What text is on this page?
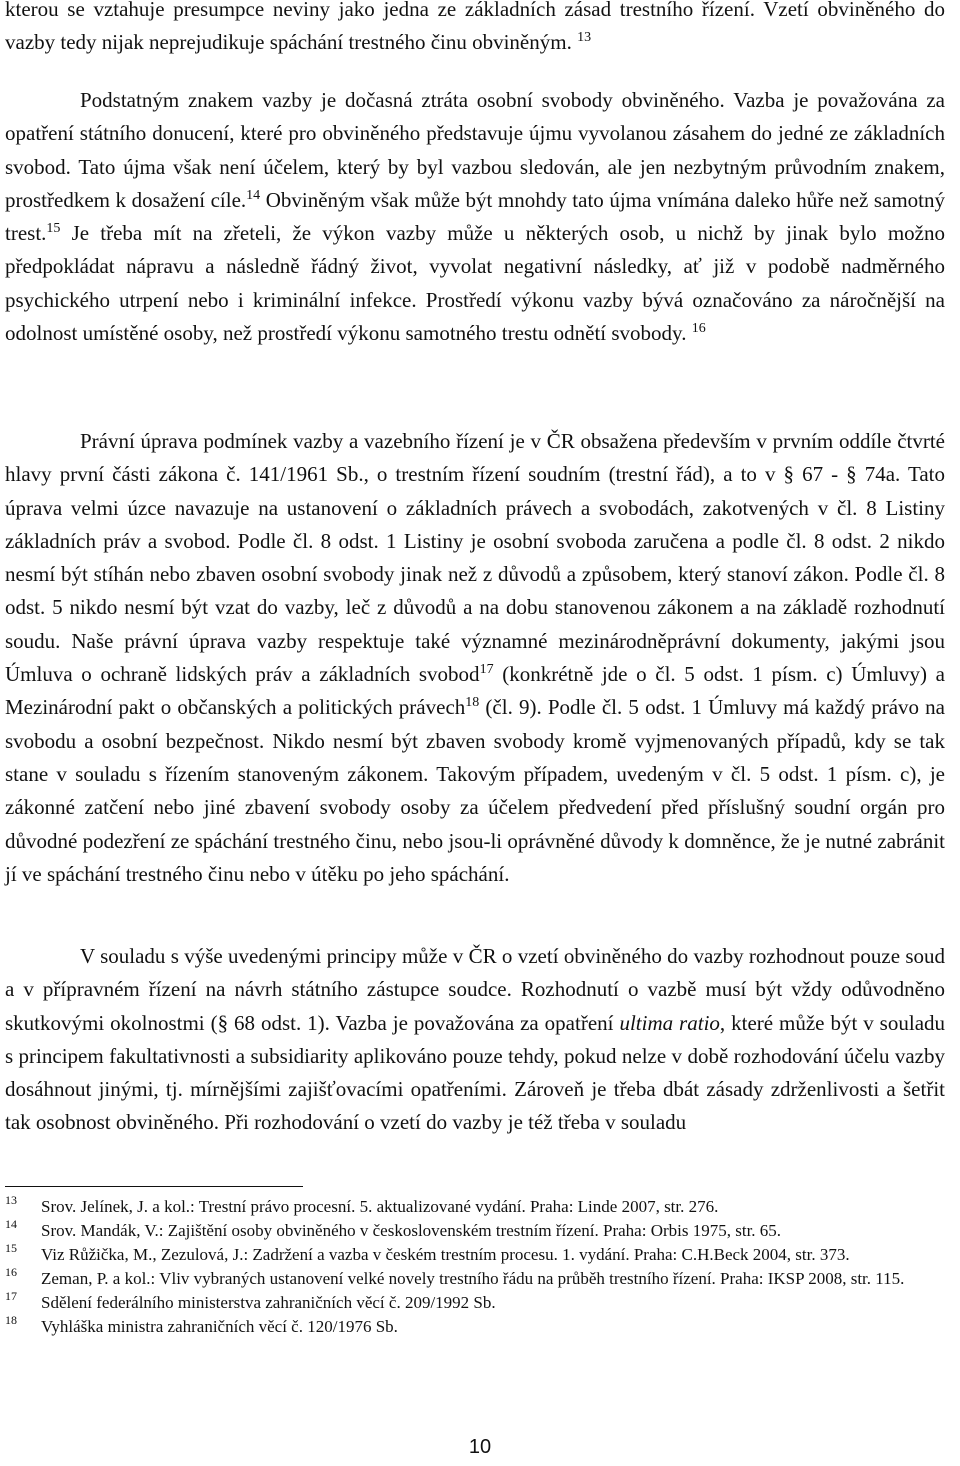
kterou se vztahuje presumpce neviny jako jedna ze základních zásad trestního řízení. Vzetí obviněného do vazby tedy nijak neprejudikuje spáchání trestného činu obviněným. $^{13}$

Podstatným znakem vazby je dočasná ztráta osobní svobody obviněného. Vazba je považována za opatření státního donucení, které pro obviněného představuje újmu vyvolanou zásahem do jedné ze základních svobod. Tato újma však není účelem, který by byl vazbou sledován, ale jen nezbytným průvodním znakem, prostředkem k dosažení cíle.$^{14}$ Obviněným však může být mnohdy tato újma vnímána daleko hůře než samotný trest.$^{15}$ Je třeba mít na zřeteli, že výkon vazby může u některých osob, u nichž by jinak bylo možno předpokládat nápravu a následně řádný život, vyvolat negativní následky, ať již v podobě nadměrného psychického utrpení nebo i kriminální infekce. Prostředí výkonu vazby bývá označováno za náročnější na odolnost umístěné osoby, než prostředí výkonu samotného trestu odnětí svobody. $^{16}$

Právní úprava podmínek vazby a vazebního řízení je v ČR obsažena především v prvním oddíle čtvrté hlavy první části zákona č. 141/1961 Sb., o trestním řízení soudním (trestní řád), a to v § 67 - § 74a. Tato úprava velmi úzce navazuje na ustanovení o základních právech a svobodách, zakotvených v čl. 8 Listiny základních práv a svobod. Podle čl. 8 odst. 1 Listiny je osobní svoboda zaručena a podle čl. 8 odst. 2 nikdo nesmí být stíhán nebo zbaven osobní svobody jinak než z důvodů a způsobem, který stanoví zákon. Podle čl. 8 odst. 5 nikdo nesmí být vzat do vazby, leč z důvodů a na dobu stanovenou zákonem a na základě rozhodnutí soudu. Naše právní úprava vazby respektuje také významné mezinárodněprávní dokumenty, jakými jsou Úmluva o ochraně lidských práv a základních svobod$^{17}$ (konkrétně jde o čl. 5 odst. 1 písm. c) Úmluvy) a Mezinárodní pakt o občanských a politických právech$^{18}$ (čl. 9). Podle čl. 5 odst. 1 Úmluvy má každý právo na svobodu a osobní bezpečnost. Nikdo nesmí být zbaven svobody kromě vyjmenovaných případů, kdy se tak stane v souladu s řízením stanoveným zákonem. Takovým případem, uvedeným v čl. 5 odst. 1 písm. c), je zákonné zatčení nebo jiné zbavení svobody osoby za účelem předvedení před příslušný soudní orgán pro důvodné podezření ze spáchání trestného činu, nebo jsou-li oprávněné důvody k domněnce, že je nutné zabránit jí ve spáchání trestného činu nebo v útěku po jeho spáchání.

V souladu s výše uvedenými principy může v ČR o vzetí obviněného do vazby rozhodnout pouze soud a v přípravném řízení na návrh státního zástupce soudce. Rozhodnutí o vazbě musí být vždy odůvodněno skutkovými okolnostmi (§ 68 odst. 1). Vazba je považována za opatření ultima ratio, které může být v souladu s principem fakultativnosti a subsidiarity aplikováno pouze tehdy, pokud nelze v době rozhodování účelu vazby dosáhnout jinými, tj. mírnějšími zajišťovacími opatřeními. Zároveň je třeba dbát zásady zdrženlivosti a šetřit tak osobnost obviněného. Při rozhodování o vzetí do vazby je též třeba v souladu

13 Srov. Jelínek, J. a kol.: Trestní právo procesní. 5. aktualizované vydání. Praha: Linde 2007, str. 276.
14 Srov. Mandák, V.: Zajištění osoby obviněného v československém trestním řízení. Praha: Orbis 1975, str. 65.
15 Viz Růžička, M., Zezulová, J.: Zadržení a vazba v českém trestním procesu. 1. vydání. Praha: C.H.Beck 2004, str. 373.
16 Zeman, P. a kol.: Vliv vybraných ustanovení velké novely trestního řádu na průběh trestního řízení. Praha: IKSP 2008, str. 115.
17 Sdělení federálního ministerstva zahraničních věcí č. 209/1992 Sb.
18 Vyhláška ministra zahraničních věcí č. 120/1976 Sb.
10
